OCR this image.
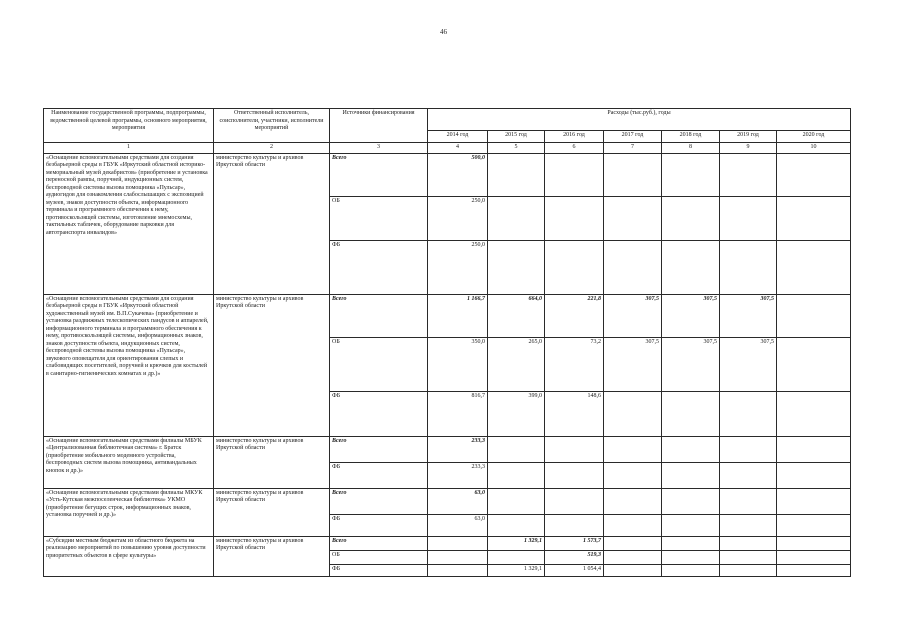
46
Наименование государственной программы, подпрограммы, ведомственной целевой программы, основного мероприятия, мероприятия	Ответственный исполнитель, соисполнители, участники, исполнители мероприятий	Источники финансирования	Расходы (тыс.руб.), годы						
			2014 год	2015 год	2016 год	2017 год	2018 год	2019 год	2020 год
1	2	3	4	5	6	7	8	9	10
«Оснащение вспомогательными средствами для создания безбарьерной среды в ГБУК «Иркутский областной историко-мемориальный музей декабристов» (приобретение и установка переносной рампы, поручней, индукционных систем, беспроводной системы вызова помощника «Пульсар», аудиогидов для ознакомления слабослышащих с экспозицией музеев, знаков доступности объекта, информационного терминала и программного обеспечения к нему, противоскользящей системы, изготовление мнемосхемы, тактильных табличек, оборудование парковки для автотранспорта инвалидов»	министерство культуры и архивов Иркутской области	Всего	500,0						
		ОБ	250,0						
		ФБ	250,0						
«Оснащение вспомогательными средствами для создания безбарьерной среды в ГБУК «Иркутский областной художественный музей им. В.П.Сукачева» (приобретение и установка раздвижных телескопических пандусов и аппарелей, информационного терминала и программного обеспечения к нему, противоскользящей системы, информационных знаков, знаков доступности объекта, индукционных систем, беспроводной системы вызова помощника «Пульсар», звукового оповещателя для ориентирования слепых и слабовидящих посетителей, поручней и крючков для костылей в санитарно-гигиенических комнатах и др.)»	министерство культуры и архивов Иркутской области	Всего	1 166,7	664,0	221,8	307,5	307,5	307,5	
		ОБ	350,0	265,0	73,2	307,5	307,5	307,5	
		ФБ	816,7	399,0	148,6				
«Оснащение вспомогательными средствами филиалы МБУК «Централизованная библиотечная система» г. Братск (приобретение мобильного модемного устройства, беспроводных систем вызова помощника, антивандальных кнопок и др.)»	министерство культуры и архивов Иркутской области	Всего	233,3						
		ФБ	233,3						
«Оснащение вспомогательными средствами филиалы МКУК «Усть-Кутская межпоселенческая библиотека» УКМО (приобретение бегущих строк, информационных знаков, установка поручней и др.)»	министерство культуры и архивов Иркутской области	Всего	63,0						
		ФБ	63,0						
«Субсидии местным бюджетам из областного бюджета на реализацию мероприятий по повышению уровня доступности приоритетных объектов в сфере культуры»	министерство культуры и архивов Иркутской области	Всего		1 329,1	1 573,7				
		ОБ			519,3				
		ФБ		1 329,1	1 054,4				
